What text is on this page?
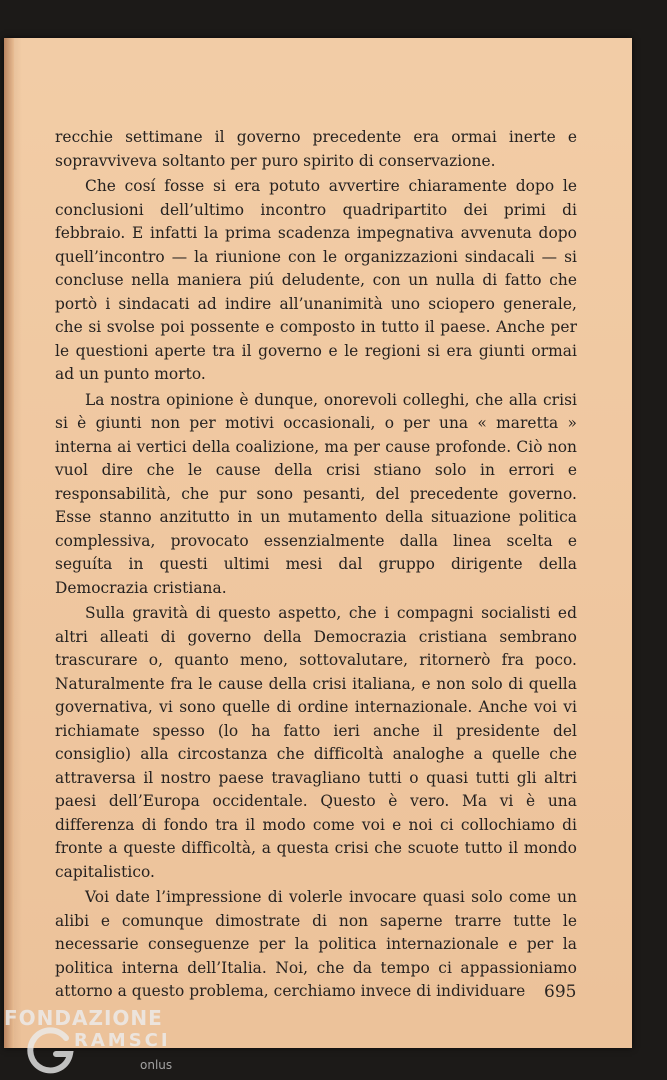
recchie settimane il governo precedente era ormai inerte e sopravviveva soltanto per puro spirito di conservazione.

Che cosí fosse si era potuto avvertire chiaramente dopo le conclusioni dell’ultimo incontro quadripartito dei primi di febbraio. E infatti la prima scadenza impegnativa avvenuta dopo quell’incontro — la riunione con le organizzazioni sindacali — si concluse nella maniera piú deludente, con un nulla di fatto che portò i sindacati ad indire all’unanimità uno sciopero generale, che si svolse poi possente e composto in tutto il paese. Anche per le questioni aperte tra il governo e le regioni si era giunti ormai ad un punto morto.

La nostra opinione è dunque, onorevoli colleghi, che alla crisi si è giunti non per motivi occasionali, o per una « maretta » interna ai vertici della coalizione, ma per cause profonde. Ciò non vuol dire che le cause della crisi stiano solo in errori e responsabilità, che pur sono pesanti, del precedente governo. Esse stanno anzitutto in un mutamento della situazione politica complessiva, provocato essenzialmente dalla linea scelta e seguíta in questi ultimi mesi dal gruppo dirigente della Democrazia cristiana.

Sulla gravità di questo aspetto, che i compagni socialisti ed altri alleati di governo della Democrazia cristiana sembrano trascurare o, quanto meno, sottovalutare, ritornerò fra poco. Naturalmente fra le cause della crisi italiana, e non solo di quella governativa, vi sono quelle di ordine internazionale. Anche voi vi richiamate spesso (lo ha fatto ieri anche il presidente del consiglio) alla circostanza che difficoltà analoghe a quelle che attraversa il nostro paese travagliano tutti o quasi tutti gli altri paesi dell’Europa occidentale. Questo è vero. Ma vi è una differenza di fondo tra il modo come voi e noi ci collochiamo di fronte a queste difficoltà, a questa crisi che scuote tutto il mondo capitalistico.

Voi date l’impressione di volerle invocare quasi solo come un alibi e comunque dimostrate di non saperne trarre tutte le necessarie conseguenze per la politica internazionale e per la politica interna dell’Italia. Noi, che da tempo ci appassioniamo attorno a questo problema, cerchiamo invece di individuare	695
FONDAZIONE
RAMSCI
onlus
